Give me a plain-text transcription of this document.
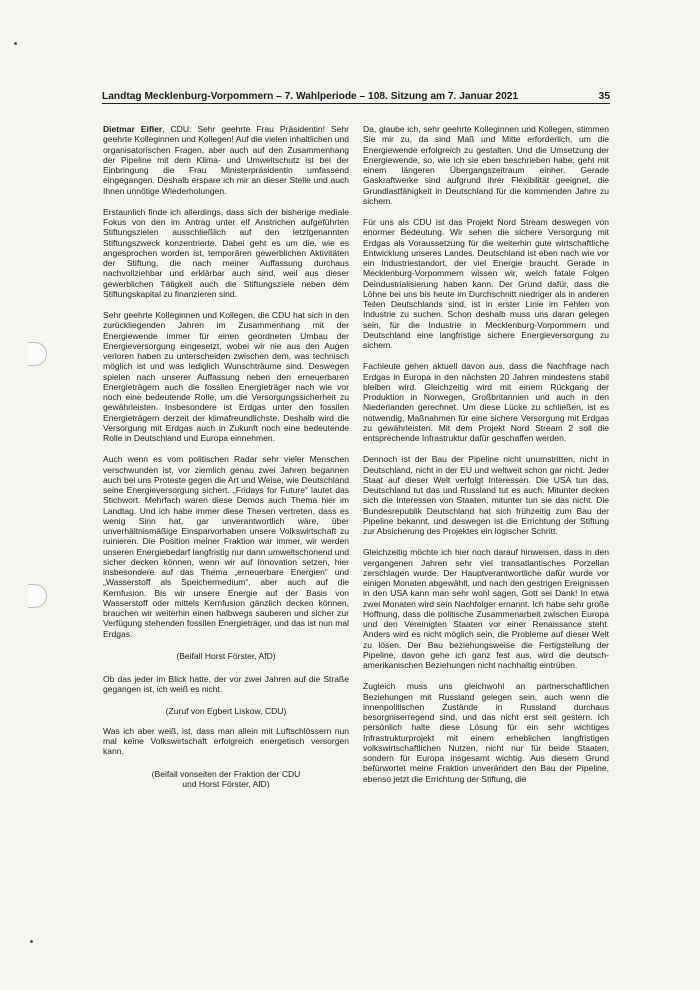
Landtag Mecklenburg-Vorpommern – 7. Wahlperiode – 108. Sitzung am 7. Januar 2021	35

Dietmar Eifler, CDU: Sehr geehrte Frau Präsidentin! Sehr geehrte Kolleginnen und Kollegen! Auf die vielen inhaltlichen und organisatorischen Fragen, aber auch auf den Zusammenhang der Pipeline mit dem Klima- und Umweltschutz ist bei der Einbringung die Frau Ministerpräsidentin umfassend eingegangen. Deshalb erspare ich mir an dieser Stelle und auch Ihnen unnötige Wiederholungen.

Erstaunlich finde ich allerdings, dass sich der bisherige mediale Fokus von den im Antrag unter elf Anstrichen aufgeführten Stiftungszielen ausschließlich auf den letztgenannten Stiftungszweck konzentrierte. Dabei geht es um die, wie es angesprochen worden ist, temporären gewerblichen Aktivitäten der Stiftung, die nach meiner Auffassung durchaus nachvollziehbar und erklärbar auch sind, weil aus dieser gewerblichen Tätigkeit auch die Stiftungsziele neben dem Stiftungskapital zu finanzieren sind.

Sehr geehrte Kolleginnen und Kollegen, die CDU hat sich in den zurückliegenden Jahren im Zusammenhang mit der Energiewende immer für einen geordneten Umbau der Energieversorgung eingesetzt, wobei wir nie aus den Augen verloren haben zu unterscheiden zwischen dem, was technisch möglich ist und was lediglich Wunschträume sind. Deswegen spielen nach unserer Auffassung neben den erneuerbaren Energieträgern auch die fossilen Energieträger nach wie vor noch eine bedeutende Rolle, um die Versorgungssicherheit zu gewährleisten. Insbesondere ist Erdgas unter den fossilen Energieträgern derzeit der klimafreundlichste. Deshalb wird die Versorgung mit Erdgas auch in Zukunft noch eine bedeutende Rolle in Deutschland und Europa einnehmen.

Auch wenn es vom politischen Radar sehr vieler Menschen verschwunden ist, vor ziemlich genau zwei Jahren begannen auch bei uns Proteste gegen die Art und Weise, wie Deutschland seine Energieversorgung sichert. „Fridays for Future“ lautet das Stichwort. Mehrfach waren diese Demos auch Thema hier im Landtag. Und ich habe immer diese Thesen vertreten, dass es wenig Sinn hat, gar unverantwortlich wäre, über unverhältnismäßige Einsparvorhaben unsere Volkswirtschaft zu ruinieren. Die Position meiner Fraktion war immer, wir werden unseren Energiebedarf langfristig nur dann umweltschonend und sicher decken können, wenn wir auf Innovation setzen, hier insbesondere auf das Thema „erneuerbare Energien“ und „Wasserstoff als Speichermedium“, aber auch auf die Kernfusion. Bis wir unsere Energie auf der Basis von Wasserstoff oder mittels Kernfusion gänzlich decken können, brauchen wir weiterhin einen halbwegs sauberen und sicher zur Verfügung stehenden fossilen Energieträger, und das ist nun mal Erdgas.

(Beifall Horst Förster, AfD)

Ob das jeder im Blick hatte, der vor zwei Jahren auf die Straße gegangen ist, ich weiß es nicht.

(Zuruf von Egbert Liskow, CDU)

Was ich aber weiß, ist, dass man allein mit Luftschlössern nun mal keine Volkswirtschaft erfolgreich energetisch versorgen kann.

(Beifall vonseiten der Fraktion der CDU
und Horst Förster, AfD)

Da, glaube ich, sehr geehrte Kolleginnen und Kollegen, stimmen Sie mir zu, da sind Maß und Mitte erforderlich, um die Energiewende erfolgreich zu gestalten. Und die Umsetzung der Energiewende, so, wie ich sie eben beschrieben habe, geht mit einem längeren Übergangszeitraum einher. Gerade Gaskraftwerke sind aufgrund ihrer Flexibilität geeignet, die Grundlastfähigkeit in Deutschland für die kommenden Jahre zu sichern.

Für uns als CDU ist das Projekt Nord Stream deswegen von enormer Bedeutung. Wir sehen die sichere Versorgung mit Erdgas als Voraussetzung für die weiterhin gute wirtschaftliche Entwicklung unseres Landes. Deutschland ist eben nach wie vor ein Industriestandort, der viel Energie braucht. Gerade in Mecklenburg-Vorpommern wissen wir, welch fatale Folgen Deindustrialisierung haben kann. Der Grund dafür, dass die Löhne bei uns bis heute im Durchschnitt niedriger als in anderen Teilen Deutschlands sind, ist in erster Linie im Fehlen von Industrie zu suchen. Schon deshalb muss uns daran gelegen sein, für die Industrie in Mecklenburg-Vorpommern und Deutschland eine langfristige sichere Energieversorgung zu sichern.

Fachleute gehen aktuell davon aus, dass die Nachfrage nach Erdgas in Europa in den nächsten 20 Jahren mindestens stabil bleiben wird. Gleichzeitig wird mit einem Rückgang der Produktion in Norwegen, Großbritannien und auch in den Niederlanden gerechnet. Um diese Lücke zu schließen, ist es notwendig, Maßnahmen für eine sichere Versorgung mit Erdgas zu gewährleisten. Mit dem Projekt Nord Stream 2 soll die entsprechende Infrastruktur dafür geschaffen werden.

Dennoch ist der Bau der Pipeline nicht unumstritten, nicht in Deutschland, nicht in der EU und weltweit schon gar nicht. Jeder Staat auf dieser Welt verfolgt Interessen. Die USA tun das, Deutschland tut das und Russland tut es auch. Mitunter decken sich die Interessen von Staaten, mitunter tun sie das nicht. Die Bundesrepublik Deutschland hat sich frühzeitig zum Bau der Pipeline bekannt, und deswegen ist die Errichtung der Stiftung zur Absicherung des Projektes ein logischer Schritt.

Gleichzeitig möchte ich hier noch darauf hinweisen, dass in den vergangenen Jahren sehr viel transatlantisches Porzellan zerschlagen wurde. Der Hauptverantwortliche dafür wurde vor einigen Monaten abgewählt, und nach den gestrigen Ereignissen in den USA kann man sehr wohl sagen, Gott sei Dank! In etwa zwei Monaten wird sein Nachfolger ernannt. Ich habe sehr große Hoffnung, dass die politische Zusammenarbeit zwischen Europa und den Vereinigten Staaten vor einer Renaissance steht. Anders wird es nicht möglich sein, die Probleme auf dieser Welt zu lösen. Der Bau beziehungsweise die Fertigstellung der Pipeline, davon gehe ich ganz fest aus, wird die deutsch-amerikanischen Beziehungen nicht nachhaltig eintrüben.

Zugleich muss uns gleichwohl an partnerschaftlichen Beziehungen mit Russland gelegen sein, auch wenn die innenpolitischen Zustände in Russland durchaus besorgniserregend sind, und das nicht erst seit gestern. Ich persönlich halte diese Lösung für ein sehr wichtiges Infrastrukturprojekt mit einem erheblichen langfristigen volkswirtschaftlichen Nutzen, nicht nur für beide Staaten, sondern für Europa insgesamt wichtig. Aus diesem Grund befürwortet meine Fraktion unverändert den Bau der Pipeline, ebenso jetzt die Errichtung der Stiftung, die
